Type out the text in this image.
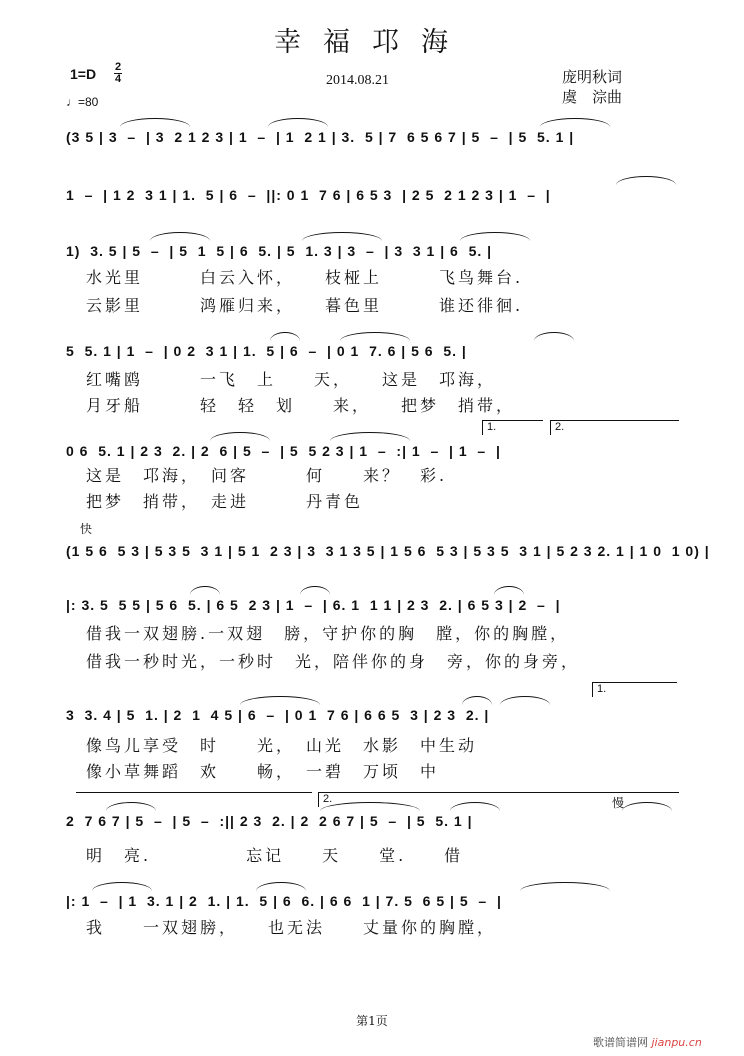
幸福邛海
1=D 2
4
♩=80
2014.08.21	庞明秋词
虞　淙曲
(3 5 | 3  –  | 3  2 1 2 3 | 1  –  | 1  2 1 | 3.  5 | 7  6 5 6 7 | 5  –  | 5  5. 1 |
1  –  | 1 2  3 1 | 1.  5 | 6  –  ||: 0 1  7 6 | 6 5 3  | 2 5  2 1 2 3 | 1  –  |
1)  3. 5 | 5  –  | 5  1  5 | 6  5. | 5  1. 3 | 3  –  | 3  3 1 | 6  5. |
水光里　　　白云入怀，　　枝桠上　　　飞鸟舞台.
云影里　　　鸿雁归来，　　暮色里　　　谁还徘徊.
5  5. 1 | 1  –  | 0 2  3 1 | 1.  5 | 6  –  | 0 1  7. 6 | 5 6  5. |
红嘴鸥　　　一飞　上　　天，　　这是　邛海，
月牙船　　　轻　轻　划　　来，　　把梦　捎带，
1.	2.
0 6  5. 1 | 2 3  2. | 2  6 | 5  –  | 5  5 2 3 | 1  –  :| 1  –  | 1  –  |
这是　邛海，　问客　　　何　　来？　彩.
把梦　捎带，　走进　　　丹青色
快
(1 5 6  5 3 | 5 3 5  3 1 | 5 1  2 3 | 3  3 1 3 5 | 1 5 6  5 3 | 5 3 5  3 1 | 5 2 3 2. 1 | 1 0  1 0) |
|: 3. 5  5 5 | 5 6  5. | 6 5  2 3 | 1  –  | 6. 1  1 1 | 2 3  2. | 6 5 3 | 2  –  |
借我一双翅膀.一双翅　膀，守护你的胸　膛，你的胸膛，
借我一秒时光，一秒时　光，陪伴你的身　旁，你的身旁，
1.
3  3. 4 | 5  1. | 2  1  4 5 | 6  –  | 0 1  7 6 | 6 6 5  3 | 2 3  2. |
像鸟儿享受　时　　光，　山光　水影　中生动
像小草舞蹈　欢　　畅，　一碧　万顷　中
2.	慢
2  7 6 7 | 5  –  | 5  –  :|| 2 3  2. | 2  2 6 7 | 5  –  | 5  5. 1 |
明　亮.　　　　　忘记　　天　　堂.　　借
|: 1  –  | 1  3. 1 | 2  1. | 1.  5 | 6  6. | 6 6  1 | 7. 5  6 5 | 5  –  |
我　　一双翅膀，　　也无法　　丈量你的胸膛，
第1页
歌谱简谱网 jianpu.cn
